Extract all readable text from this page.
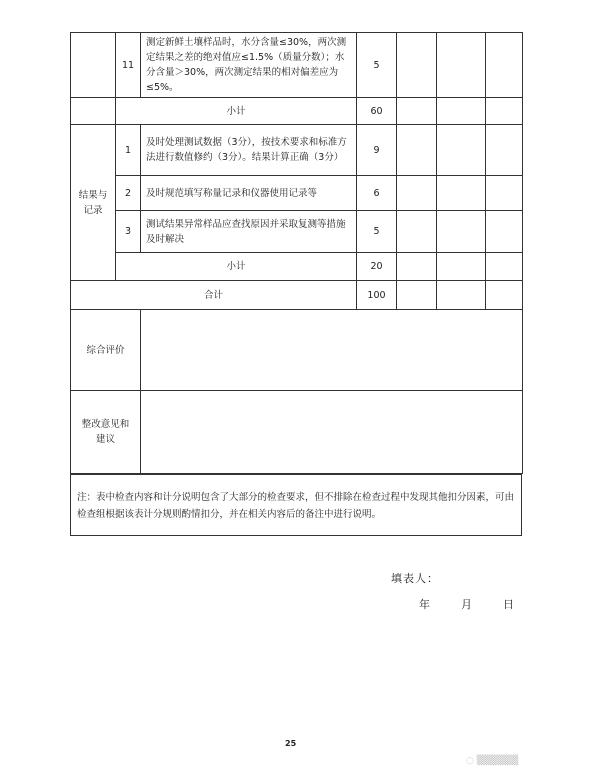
	11	测定新鲜土壤样品时，水分含量≤30%，两次测定结果之差的绝对值应≤1.5%（质量分数）；水分含量＞30%，两次测定结果的相对偏差应为≤5%。	5			
	小计		60			

结果与
记录	1	及时处理测试数据（3分），按技术要求和标准方法进行数值修约（3分）。结果计算正确（3分）	9			
	2	及时规范填写称量记录和仪器使用记录等	6			
	3	测试结果异常样品应查找原因并采取复测等措施及时解决	5			
	小计		20			
合计			100			
综合评价						

整改意见和
建议						

注：表中检查内容和计分说明包含了大部分的检查要求，但不排除在检查过程中发现其他扣分因素，可由检查组根据该表计分规则酌情扣分，并在相关内容后的备注中进行说明。
填表人：
年	月	日
25
◌ ▒▒▒▒▒▒
